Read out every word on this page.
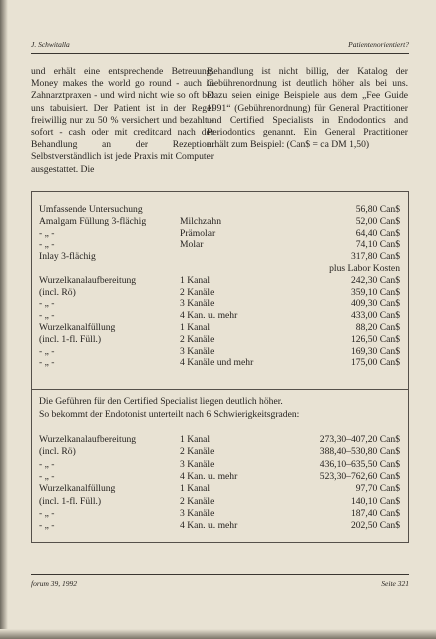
J. Schwitalla	Patientenorientiert?

und erhält eine entsprechende Betreuung. Money makes the world go round - auch in Zahnarztpraxen - und wird nicht wie so oft bei uns tabuisiert. Der Patient ist in der Regel freiwillig nur zu 50 % versichert und bezahlt - sofort - cash oder mit creditcard nach der Behandlung an der Rezeption. Selbstverständlich ist jede Praxis mit Computer ausgestattet. Die

Behandlung ist nicht billig, der Katalog der Gebührenordnung ist deutlich höher als bei uns. Dazu seien einige Beispiele aus dem „Fee Guide 1991“ (Gebührenordnung) für General Practitioner und Certified Specialists in Endodontics and Periodontics genannt. Ein General Practitioner erhält zum Beispiel: (Can$ = ca DM 1,50)

Umfassende Untersuchung	56,80 Can$
Amalgam Füllung 3-flächig	Milchzahn	52,00 Can$
- „ -	Prämolar	64,40 Can$
- „ -	Molar	74,10 Can$
Inlay 3-flächig	317,80 Can$
plus Labor Kosten
Wurzelkanalaufbereitung	1 Kanal	242,30 Can$
(incl. Rö)	2 Kanäle	359,10 Can$
- „ -	3 Kanäle	409,30 Can$
- „ -	4 Kan. u. mehr	433,00 Can$
Wurzelkanalfüllung	1 Kanal	88,20 Can$
(incl. 1-fl. Füll.)	2 Kanäle	126,50 Can$
- „ -	3 Kanäle	169,30 Can$
- „ -	4 Kanäle und mehr	175,00 Can$
Die Geführen für den Certified Specialist liegen deutlich höher.
So bekommt der Endotonist unterteilt nach 6 Schwierigkeitsgraden:
Wurzelkanalaufbereitung	1 Kanal	273,30–407,20 Can$
(incl. Rö)	2 Kanäle	388,40–530,80 Can$
- „ -	3 Kanäle	436,10–635,50 Can$
- „ -	4 Kan. u. mehr	523,30–762,60 Can$
Wurzelkanalfüllung	1 Kanal	97,70 Can$
(incl. 1-fl. Füll.)	2 Kanäle	140,10 Can$
- „ -	3 Kanäle	187,40 Can$
- „ -	4 Kan. u. mehr	202,50 Can$
forum 39, 1992	Seite 321
